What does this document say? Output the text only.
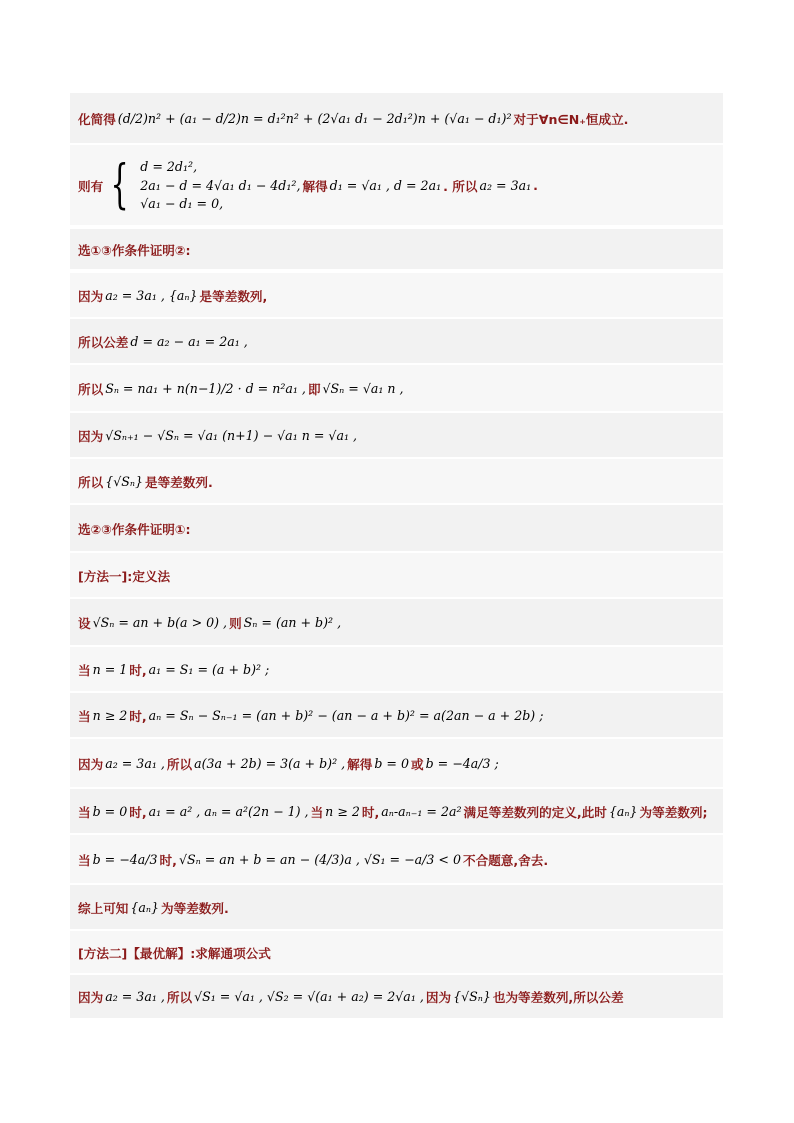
化简得 (d/2)n² + (a₁ − d/2)n = d₁²n² + (2√a₁ d₁ − 2d₁²)n + (√a₁ − d₁)² 对于∀n∈N₊恒成立.
则有 { d = 2d₁²,
2a₁ − d = 4√a₁ d₁ − 4d₁²,
√a₁ − d₁ = 0,
解得 d₁ = √a₁ , d = 2a₁ . 所以 a₂ = 3a₁ .
选①③作条件证明②:
因为 a₂ = 3a₁ , {aₙ} 是等差数列,
所以公差 d = a₂ − a₁ = 2a₁ ,
所以 Sₙ = na₁ + n(n−1)/2 · d = n²a₁ , 即 √Sₙ = √a₁ n ,
因为 √Sₙ₊₁ − √Sₙ = √a₁ (n+1) − √a₁ n = √a₁ ,
所以 {√Sₙ} 是等差数列.
选②③作条件证明①:
[方法一]:定义法
设 √Sₙ = an + b(a > 0) , 则 Sₙ = (an + b)² ,
当 n = 1 时, a₁ = S₁ = (a + b)² ;
当 n ≥ 2 时, aₙ = Sₙ − Sₙ₋₁ = (an + b)² − (an − a + b)² = a(2an − a + 2b) ;
因为 a₂ = 3a₁ , 所以 a(3a + 2b) = 3(a + b)² , 解得 b = 0 或 b = −4a/3 ;
当 b = 0 时, a₁ = a² , aₙ = a²(2n − 1) , 当 n ≥ 2 时, aₙ-aₙ₋₁ = 2a² 满足等差数列的定义,此时 {aₙ} 为等差数列;
当 b = −4a/3 时, √Sₙ = an + b = an − (4/3)a , √S₁ = −a/3 < 0 不合题意,舍去.
综上可知 {aₙ} 为等差数列.
[方法二]【最优解】:求解通项公式
因为 a₂ = 3a₁ , 所以 √S₁ = √a₁ , √S₂ = √(a₁ + a₂) = 2√a₁ , 因为 {√Sₙ} 也为等差数列,所以公差
